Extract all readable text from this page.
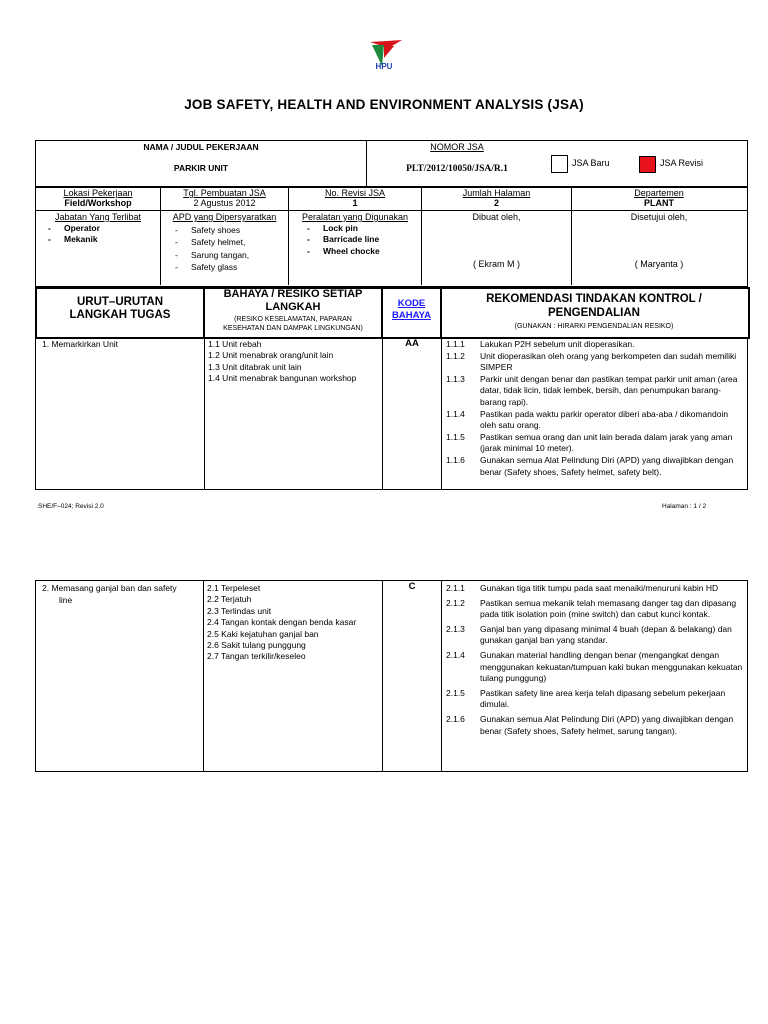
HPU
JOB SAFETY, HEALTH AND ENVIRONMENT ANALYSIS (JSA)
NAMA / JUDUL PEKERJAAN
PARKIR UNIT
NOMOR JSA
PLT/2012/10050/JSA/R.1
JSA Baru	JSA Revisi
Lokasi Pekerjaan
Field/Workshop
Tgl. Pembuatan JSA
2 Agustus 2012
No. Revisi JSA
1
Jumlah Halaman
2
Departemen
PLANT
Jabatan Yang Terlibat
-	Operator
-	Mekanik
APD yang Dipersyaratkan
-	Safety shoes
-	Safety helmet,
-	Sarung tangan,
-	Safety glass
Peralatan yang Digunakan
-	Lock pin
-	Barricade line
-	Wheel chocke
Dibuat oleh,
( Ekram M )
Disetujui oleh,
( Maryanta )
URUT–URUTAN
LANGKAH TUGAS
BAHAYA / RESIKO SETIAP
LANGKAH
(RESIKO KESELAMATAN, PAPARAN
KESEHATAN DAN DAMPAK LINGKUNGAN)
KODE
BAHAYA
REKOMENDASI TINDAKAN KONTROL /
PENGENDALIAN
(GUNAKAN : HIRARKI PENGENDALIAN RESIKO)
1. Memarkirkan Unit	1.1 Unit rebah
1.2 Unit menabrak orang/unit lain
1.3 Unit ditabrak unit lain
1.4 Unit menabrak bangunan workshop
AA	1.1.1	Lakukan P2H sebelum unit dioperasikan.
1.1.2	Unit dioperasikan oleh orang yang berkompeten dan sudah memiliki SIMPER
1.1.3	Parkir unit dengan benar dan pastikan tempat parkir unit aman (area datar, tidak licin, tidak lembek, bersih, dan penumpukan barang-barang rapi).
1.1.4	Pastikan pada waktu parkir operator diberi aba-aba / dikomandoin oleh satu orang.
1.1.5	Pastikan semua orang dan unit lain berada dalam jarak yang aman (jarak minimal 10 meter).
1.1.6	Gunakan semua Alat Pelindung Diri (APD) yang diwajibkan dengan benar (Safety shoes, Safety helmet, safety belt).
SHE/F–024; Revisi 2.0	Halaman : 1 / 2
2. Memasang ganjal ban dan safety
line
2.1 Terpeleset
2.2 Terjatuh
2.3 Terlindas unit
2.4 Tangan kontak dengan benda kasar
2.5 Kaki kejatuhan ganjal ban
2.6 Sakit tulang punggung
2.7 Tangan terkilir/keseleo
C	2.1.1	Gunakan tiga titik tumpu pada saat menaiki/menuruni kabin HD
2.1.2	Pastikan semua mekanik telah memasang danger tag dan dipasang pada titik isolation poin (mine switch) dan cabut kunci kontak.
2.1.3	Ganjal ban yang dipasang minimal 4 buah (depan & belakang) dan gunakan ganjal ban yang standar.
2.1.4	Gunakan material handling dengan benar (mengangkat dengan menggunakan kekuatan/tumpuan kaki bukan menggunakan kekuatan tulang punggung)
2.1.5	Pastikan safety line area kerja telah dipasang sebelum pekerjaan dimulai.
2.1.6	Gunakan semua Alat Pelindung Diri (APD) yang diwajibkan dengan benar (Safety shoes, Safety helmet, sarung tangan).
